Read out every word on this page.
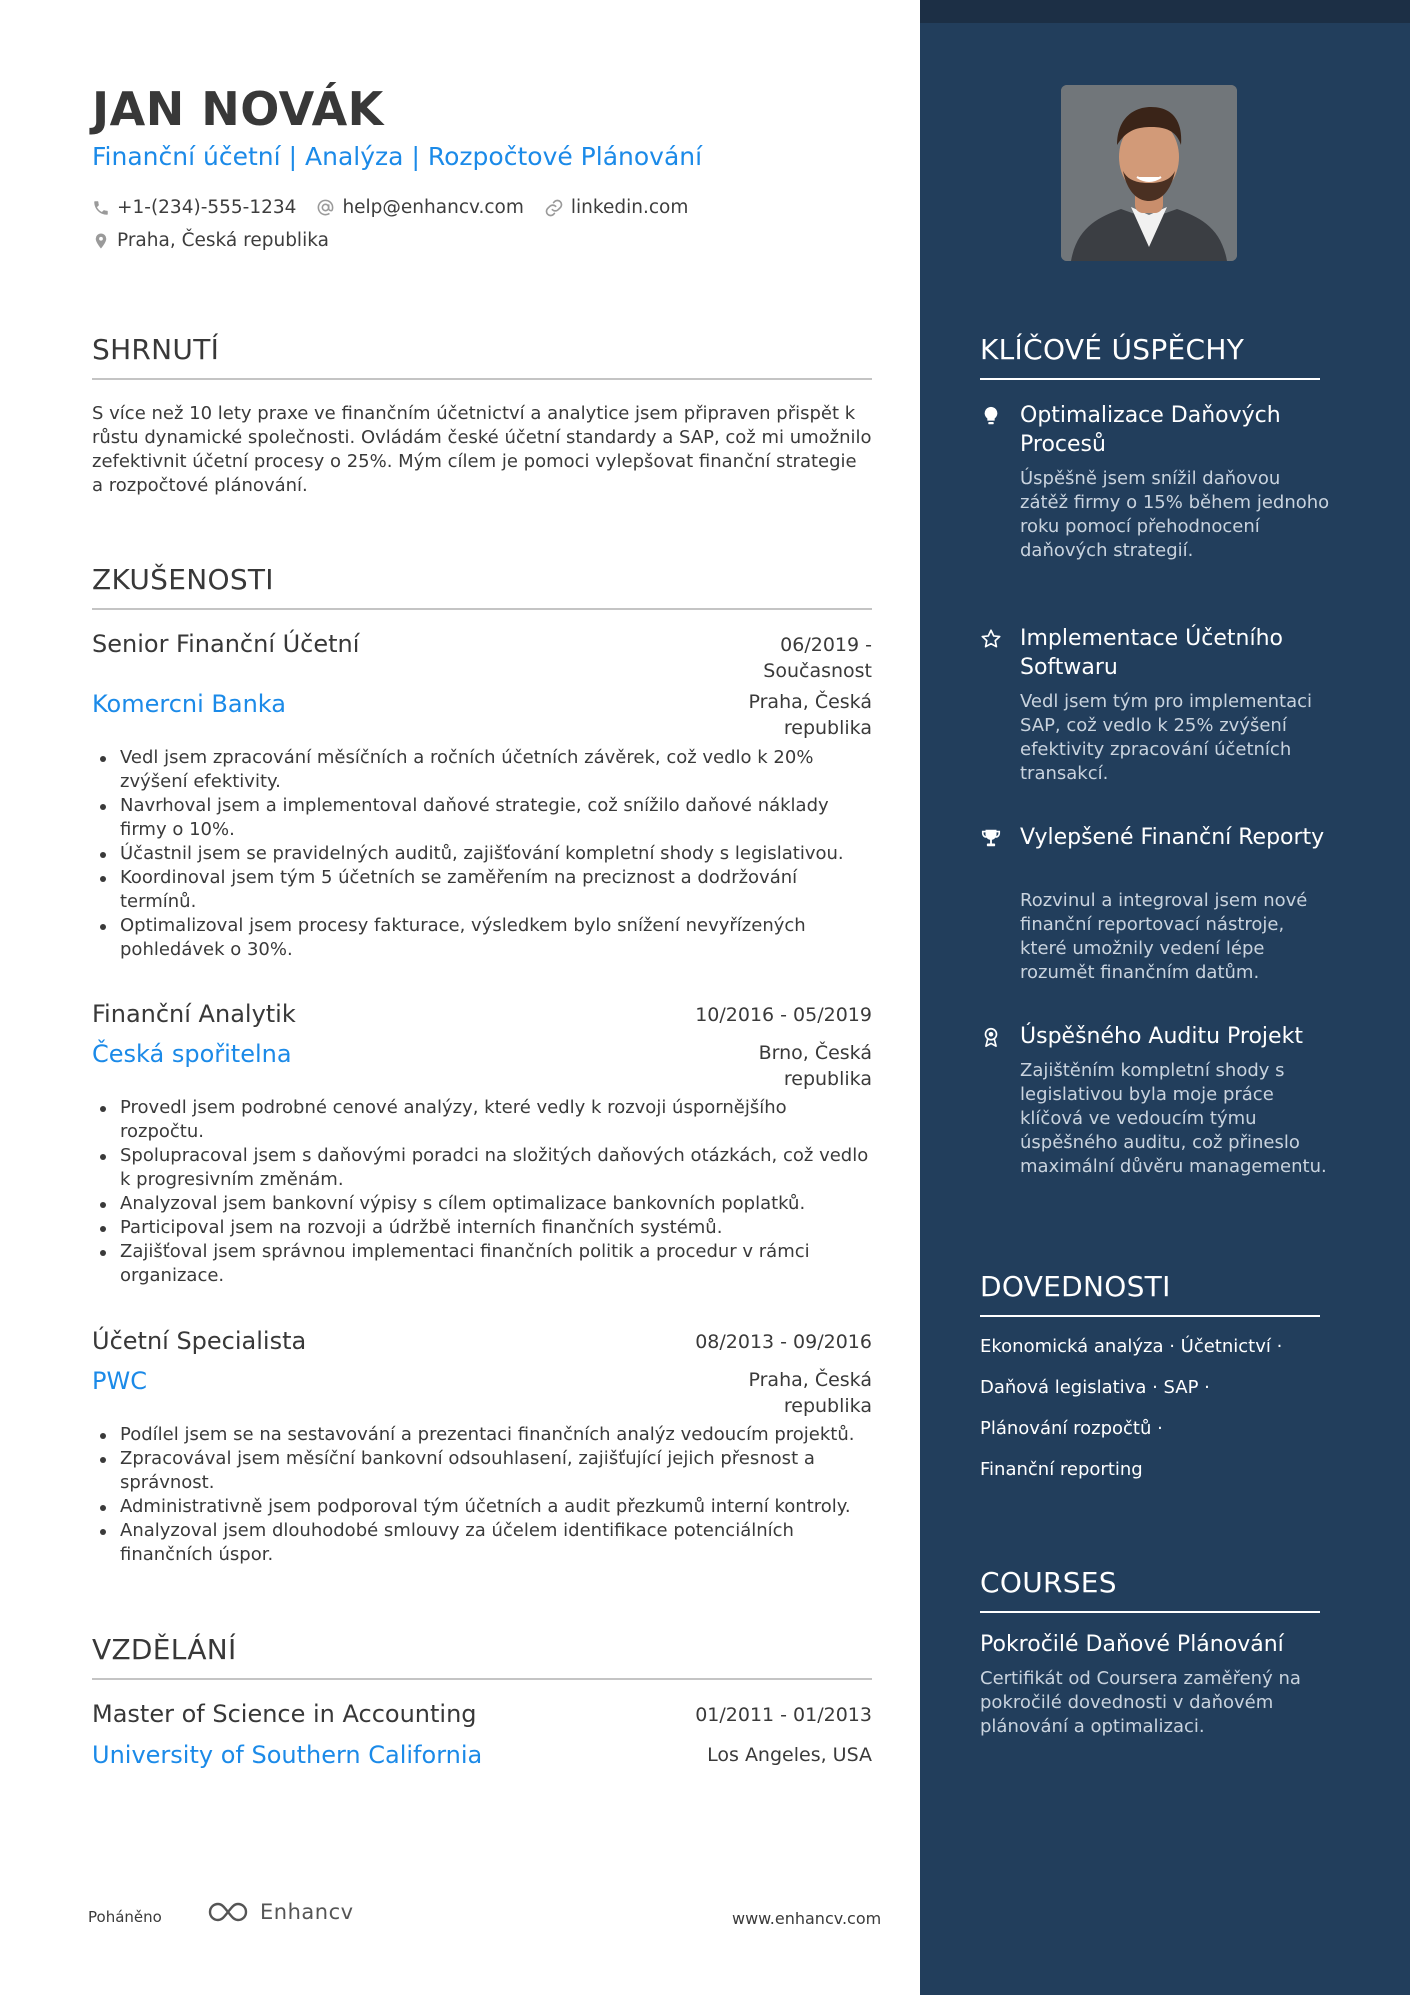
JAN NOVÁK
Finanční účetní | Analýza | Rozpočtové Plánování
+1-(234)-555-1234 help@enhancv.com	linkedin.com
Praha, Česká republika
SHRNUTÍ
S více než 10 lety praxe ve finančním účetnictví a analytice jsem připraven přispět k růstu dynamické společnosti. Ovládám české účetní standardy a SAP, což mi umožnilo zefektivnit účetní procesy o 25%. Mým cílem je pomoci vylepšovat finanční strategie a rozpočtové plánování.
ZKUŠENOSTI
Senior Finanční Účetní	06/2019 -
Současnost
Komercni Banka	Praha, Česká
republika
Vedl jsem zpracování měsíčních a ročních účetních závěrek, což vedlo k 20% zvýšení efektivity.
Navrhoval jsem a implementoval daňové strategie, což snížilo daňové náklady firmy o 10%.
Účastnil jsem se pravidelných auditů, zajišťování kompletní shody s legislativou.
Koordinoval jsem tým 5 účetních se zaměřením na preciznost a dodržování termínů.
Optimalizoval jsem procesy fakturace, výsledkem bylo snížení nevyřízených pohledávek o 30%.
Finanční Analytik	10/2016 - 05/2019
Česká spořitelna	Brno, Česká
republika
Provedl jsem podrobné cenové analýzy, které vedly k rozvoji úspornějšího rozpočtu.
Spolupracoval jsem s daňovými poradci na složitých daňových otázkách, což vedlo k progresivním změnám.
Analyzoval jsem bankovní výpisy s cílem optimalizace bankovních poplatků.
Participoval jsem na rozvoji a údržbě interních finančních systémů.
Zajišťoval jsem správnou implementaci finančních politik a procedur v rámci organizace.
Účetní Specialista	08/2013 - 09/2016
PWC	Praha, Česká
republika
Podílel jsem se na sestavování a prezentaci finančních analýz vedoucím projektů.
Zpracovával jsem měsíční bankovní odsouhlasení, zajišťující jejich přesnost a správnost.
Administrativně jsem podporoval tým účetních a audit přezkumů interní kontroly.
Analyzoval jsem dlouhodobé smlouvy za účelem identifikace potenciálních finančních úspor.
VZDĚLÁNÍ
Master of Science in Accounting	01/2011 - 01/2013
University of Southern California	Los Angeles, USA
Poháněno	Enhancv	www.enhancv.com
KLÍČOVÉ ÚSPĚCHY
Optimalizace Daňových Procesů
Úspěšně jsem snížil daňovou zátěž firmy o 15% během jednoho roku pomocí přehodnocení daňových strategií.
Implementace Účetního Softwaru
Vedl jsem tým pro implementaci SAP, což vedlo k 25% zvýšení efektivity zpracování účetních transakcí.
Vylepšené Finanční Reporty
Rozvinul a integroval jsem nové finanční reportovací nástroje, které umožnily vedení lépe rozumět finančním datům.
Úspěšného Auditu Projekt
Zajištěním kompletní shody s legislativou byla moje práce klíčová ve vedoucím týmu úspěšného auditu, což přineslo maximální důvěru managementu.
DOVEDNOSTI
Ekonomická analýza · Účetnictví ·
Daňová legislativa · SAP ·
Plánování rozpočtů ·
Finanční reporting
COURSES
Pokročilé Daňové Plánování
Certifikát od Coursera zaměřený na pokročilé dovednosti v daňovém plánování a optimalizaci.
